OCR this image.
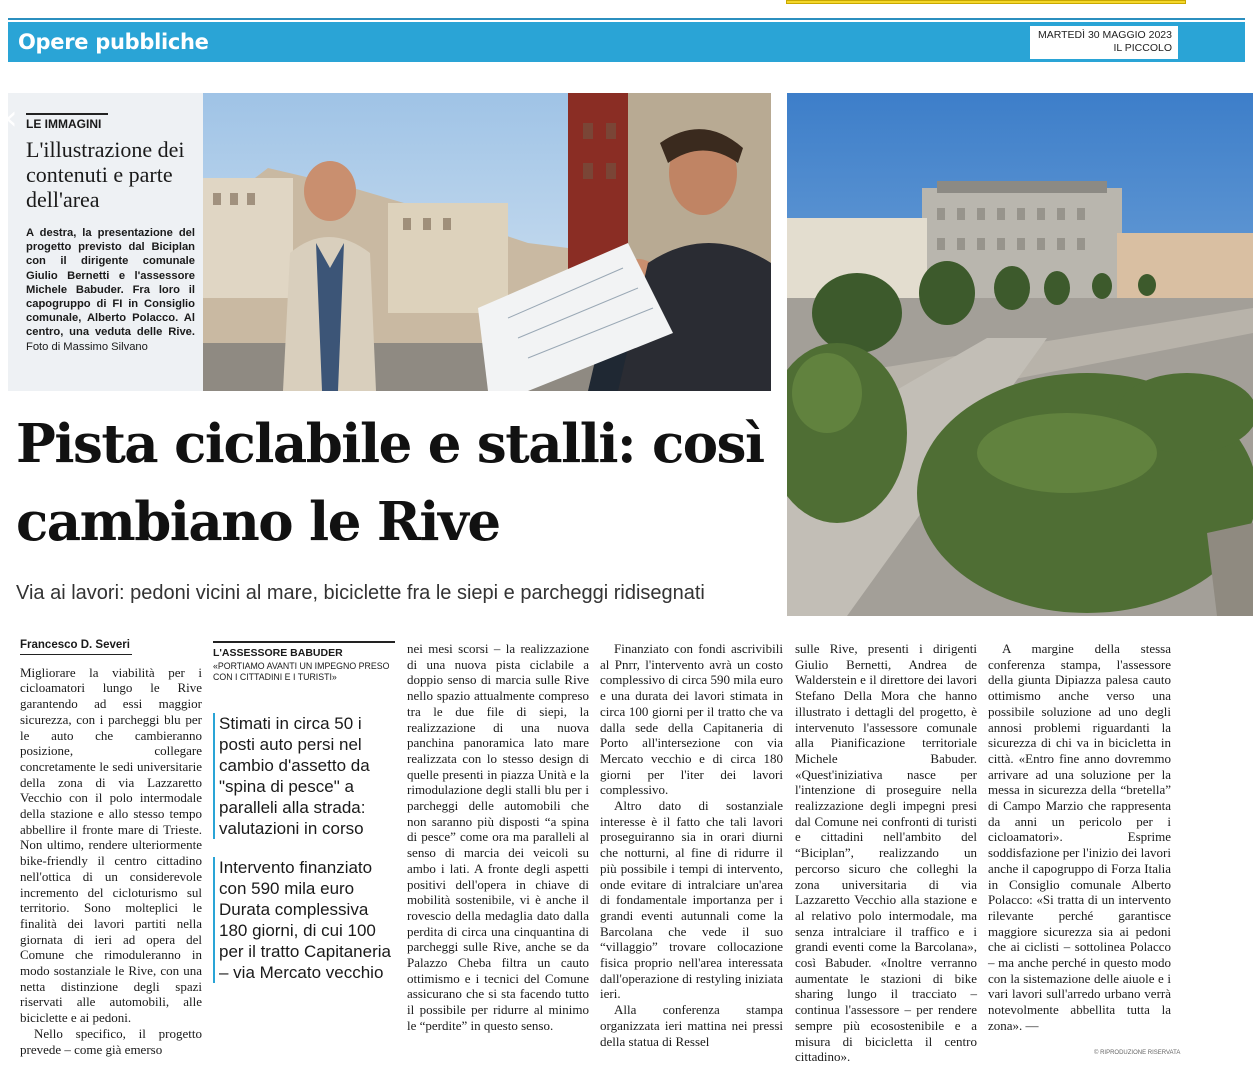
Opere pubbliche	MARTEDÌ 30 MAGGIO 2023
IL PICCOLO
LE IMMAGINI
L'illustrazione dei contenuti e parte dell'area
A destra, la presentazione del progetto previsto dal Biciplan con il dirigente comunale Giulio Bernetti e l'assessore Michele Babuder. Fra loro il capogruppo di FI in Consiglio comunale, Alberto Polacco. Al centro, una veduta delle Rive. Foto di Massimo Silvano
‹
Pista ciclabile e stalli: così cambiano le Rive
Via ai lavori: pedoni vicini al mare, biciclette fra le siepi e parcheggi ridisegnati
Francesco D. Severi

Migliorare la viabilità per i cicloamatori lungo le Rive garantendo ad essi maggior sicurezza, con i parcheggi blu per le auto che cambieranno posizione, collegare concretamente le sedi universitarie della zona di via Lazzaretto Vecchio con il polo intermodale della stazione e allo stesso tempo abbellire il fronte mare di Trieste. Non ultimo, rendere ulteriormente bike-friendly il centro cittadino nell'ottica di un considerevole incremento del cicloturismo sul territorio. Sono molteplici le finalità dei lavori partiti nella giornata di ieri ad opera del Comune che rimoduleranno in modo sostanziale le Rive, con una netta distinzione degli spazi riservati alle automobili, alle biciclette e ai pedoni.

Nello specifico, il progetto prevede – come già emerso

L'ASSESSORE BABUDER
«PORTIAMO AVANTI UN IMPEGNO PRESO CON I CITTADINI E I TURISTI»
Stimati in circa 50 i posti auto persi nel cambio d'assetto da "spina di pesce" a paralleli alla strada: valutazioni in corso
Intervento finanziato con 590 mila euro Durata complessiva 180 giorni, di cui 100 per il tratto Capitaneria – via Mercato vecchio

nei mesi scorsi – la realizzazione di una nuova pista ciclabile a doppio senso di marcia sulle Rive nello spazio attualmente compreso tra le due file di siepi, la realizzazione di una nuova panchina panoramica lato mare realizzata con lo stesso design di quelle presenti in piazza Unità e la rimodulazione degli stalli blu per i parcheggi delle automobili che non saranno più disposti “a spina di pesce” come ora ma paralleli al senso di marcia dei veicoli su ambo i lati. A fronte degli aspetti positivi dell'opera in chiave di mobilità sostenibile, vi è anche il rovescio della medaglia dato dalla perdita di circa una cinquantina di parcheggi sulle Rive, anche se da Palazzo Cheba filtra un cauto ottimismo e i tecnici del Comune assicurano che si sta facendo tutto il possibile per ridurre al minimo le “perdite” in questo senso.

Finanziato con fondi ascrivibili al Pnrr, l'intervento avrà un costo complessivo di circa 590 mila euro e una durata dei lavori stimata in circa 100 giorni per il tratto che va dalla sede della Capitaneria di Porto all'intersezione con via Mercato vecchio e di circa 180 giorni per l'iter dei lavori complessivo.

Altro dato di sostanziale interesse è il fatto che tali lavori proseguiranno sia in orari diurni che notturni, al fine di ridurre il più possibile i tempi di intervento, onde evitare di intralciare un'area di fondamentale importanza per i grandi eventi autunnali come la Barcolana che vede il suo “villaggio” trovare collocazione fisica proprio nell'area interessata dall'operazione di restyling iniziata ieri.

Alla conferenza stampa organizzata ieri mattina nei pressi della statua di Ressel

sulle Rive, presenti i dirigenti Giulio Bernetti, Andrea de Walderstein e il direttore dei lavori Stefano Della Mora che hanno illustrato i dettagli del progetto, è intervenuto l'assessore comunale alla Pianificazione territoriale Michele Babuder. «Quest'iniziativa nasce per l'intenzione di proseguire nella realizzazione degli impegni presi dal Comune nei confronti di turisti e cittadini nell'ambito del “Biciplan”, realizzando un percorso sicuro che colleghi la zona universitaria di via Lazzaretto Vecchio alla stazione e al relativo polo intermodale, ma senza intralciare il traffico e i grandi eventi come la Barcolana», così Babuder. «Inoltre verranno aumentate le stazioni di bike sharing lungo il tracciato – continua l'assessore – per rendere sempre più ecosostenibile e a misura di bicicletta il centro cittadino».

A margine della stessa conferenza stampa, l'assessore della giunta Dipiazza palesa cauto ottimismo anche verso una possibile soluzione ad uno degli annosi problemi riguardanti la sicurezza di chi va in bicicletta in città. «Entro fine anno dovremmo arrivare ad una soluzione per la messa in sicurezza della “bretella” di Campo Marzio che rappresenta da anni un pericolo per i cicloamatori». Esprime soddisfazione per l'inizio dei lavori anche il capogruppo di Forza Italia in Consiglio comunale Alberto Polacco: «Si tratta di un intervento rilevante perché garantisce maggiore sicurezza sia ai pedoni che ai ciclisti – sottolinea Polacco – ma anche perché in questo modo con la sistemazione delle aiuole e i vari lavori sull'arredo urbano verrà notevolmente abbellita tutta la zona». —

© RIPRODUZIONE RISERVATA
